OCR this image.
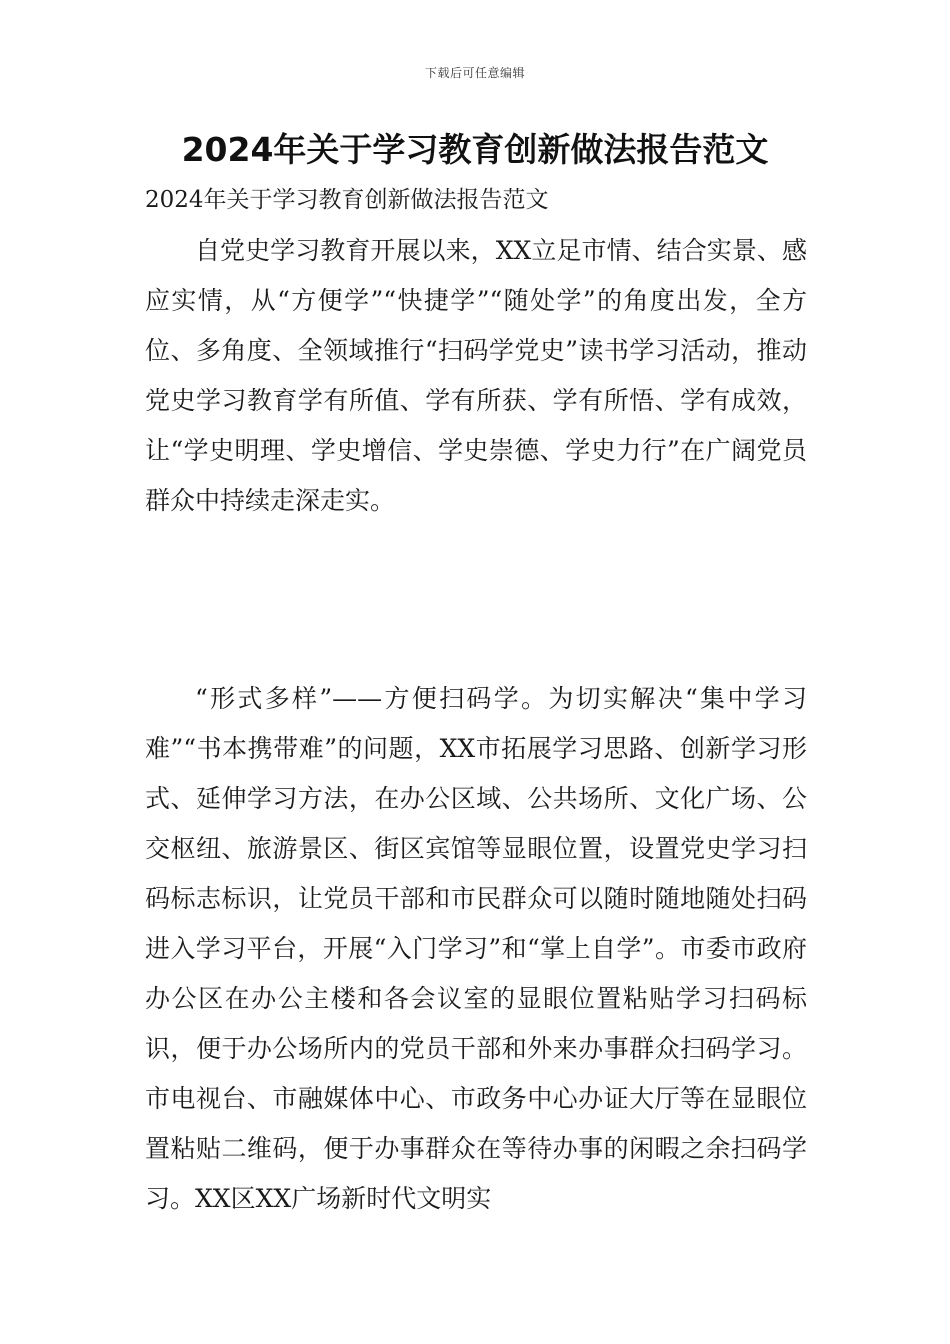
下载后可任意编辑
2024年关于学习教育创新做法报告范文
2024年关于学习教育创新做法报告范文

自党史学习教育开展以来，XX立足市情、结合实景、感应实情，从“方便学”“快捷学”“随处学”的角度出发，全方位、多角度、全领域推行“扫码学党史”读书学习活动，推动党史学习教育学有所值、学有所获、学有所悟、学有成效，让“学史明理、学史增信、学史崇德、学史力行”在广阔党员群众中持续走深走实。

“形式多样”——方便扫码学。为切实解决“集中学习难”“书本携带难”的问题，XX市拓展学习思路、创新学习形式、延伸学习方法，在办公区域、公共场所、文化广场、公交枢纽、旅游景区、街区宾馆等显眼位置，设置党史学习扫码标志标识，让党员干部和市民群众可以随时随地随处扫码进入学习平台，开展“入门学习”和“掌上自学”。市委市政府办公区在办公主楼和各会议室的显眼位置粘贴学习扫码标识，便于办公场所内的党员干部和外来办事群众扫码学习。市电视台、市融媒体中心、市政务中心办证大厅等在显眼位置粘贴二维码，便于办事群众在等待办事的闲暇之余扫码学习。XX区XX广场新时代文明实
